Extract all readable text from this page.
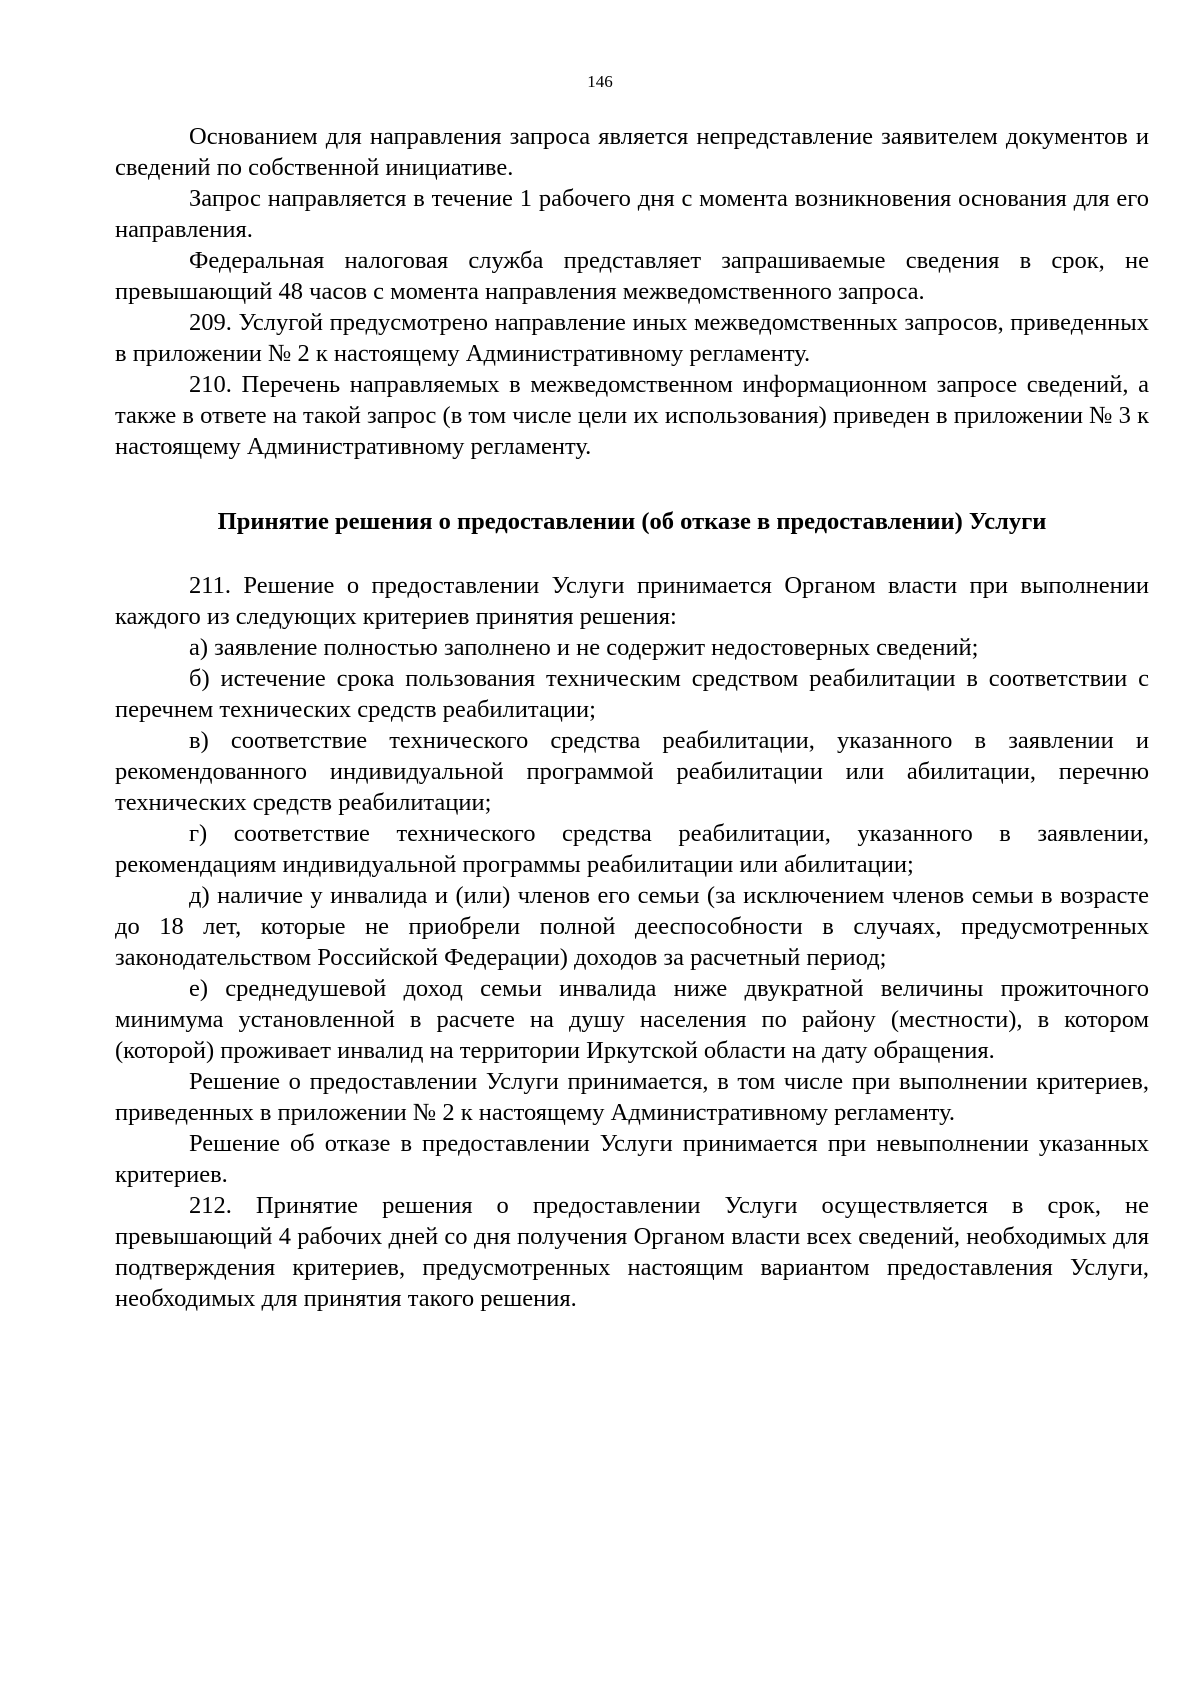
146

Основанием для направления запроса является непредставление заявителем документов и сведений по собственной инициативе.

Запрос направляется в течение 1 рабочего дня с момента возникновения основания для его направления.

Федеральная налоговая служба представляет запрашиваемые сведения в срок, не превышающий 48 часов с момента направления межведомственного запроса.

209. Услугой предусмотрено направление иных межведомственных запросов, приведенных в приложении № 2 к настоящему Административному регламенту.

210. Перечень направляемых в межведомственном информационном запросе сведений, а также в ответе на такой запрос (в том числе цели их использования) приведен в приложении № 3 к настоящему Административному регламенту.

Принятие решения о предоставлении (об отказе в предоставлении) Услуги

211. Решение о предоставлении Услуги принимается Органом власти при выполнении каждого из следующих критериев принятия решения:

а) заявление полностью заполнено и не содержит недостоверных сведений;

б) истечение срока пользования техническим средством реабилитации в соответствии с перечнем технических средств реабилитации;

в) соответствие технического средства реабилитации, указанного в заявлении и рекомендованного индивидуальной программой реабилитации или абилитации, перечню технических средств реабилитации;

г) соответствие технического средства реабилитации, указанного в заявлении, рекомендациям индивидуальной программы реабилитации или абилитации;

д) наличие у инвалида и (или) членов его семьи (за исключением членов семьи в возрасте до 18 лет, которые не приобрели полной дееспособности в случаях, предусмотренных законодательством Российской Федерации) доходов за расчетный период;

е) среднедушевой доход семьи инвалида ниже двукратной величины прожиточного минимума установленной в расчете на душу населения по району (местности), в котором (которой) проживает инвалид на территории Иркутской области на дату обращения.

Решение о предоставлении Услуги принимается, в том числе при выполнении критериев, приведенных в приложении № 2 к настоящему Административному регламенту.

Решение об отказе в предоставлении Услуги принимается при невыполнении указанных критериев.

212. Принятие решения о предоставлении Услуги осуществляется в срок, не превышающий 4 рабочих дней со дня получения Органом власти всех сведений, необходимых для подтверждения критериев, предусмотренных настоящим вариантом предоставления Услуги, необходимых для принятия такого решения.
